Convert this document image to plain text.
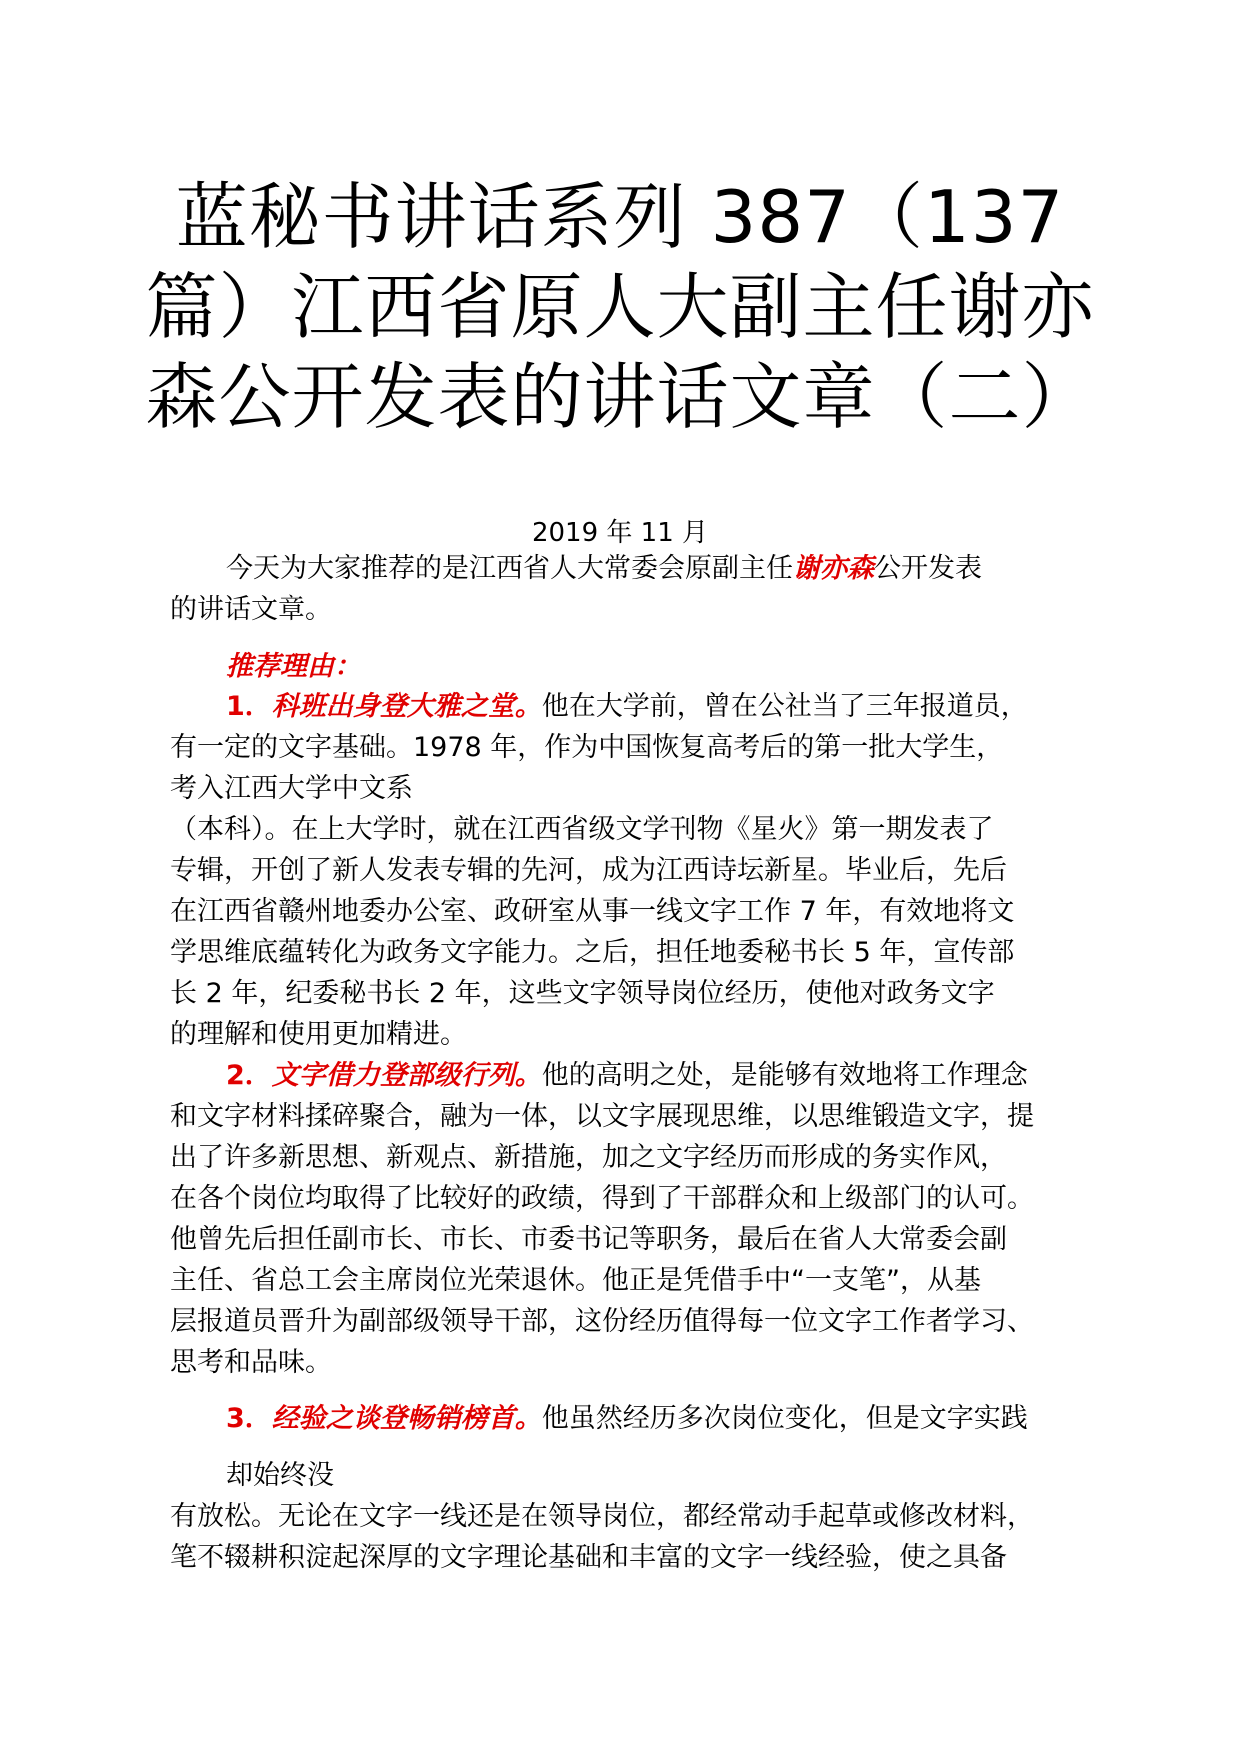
蓝秘书讲话系列 387（137
篇）江西省原人大副主任谢亦
森公开发表的讲话文章（二）
2019 年 11 月
今天为大家推荐的是江西省人大常委会原副主任谢亦森公开发表
的讲话文章。
推荐理由：
1．科班出身登大雅之堂。他在大学前，曾在公社当了三年报道员，
有一定的文字基础。1978 年，作为中国恢复高考后的第一批大学生，
考入江西大学中文系
（本科）。在上大学时，就在江西省级文学刊物《星火》第一期发表了
专辑，开创了新人发表专辑的先河，成为江西诗坛新星。毕业后，先后
在江西省赣州地委办公室、政研室从事一线文字工作 7 年，有效地将文
学思维底蕴转化为政务文字能力。之后，担任地委秘书长 5 年，宣传部
长 2 年，纪委秘书长 2 年，这些文字领导岗位经历，使他对政务文字
的理解和使用更加精进。
2．文字借力登部级行列。他的高明之处，是能够有效地将工作理念
和文字材料揉碎聚合，融为一体，以文字展现思维，以思维锻造文字，提
出了许多新思想、新观点、新措施，加之文字经历而形成的务实作风，
在各个岗位均取得了比较好的政绩，得到了干部群众和上级部门的认可。
他曾先后担任副市长、市长、市委书记等职务，最后在省人大常委会副
主任、省总工会主席岗位光荣退休。他正是凭借手中“一支笔”，从基
层报道员晋升为副部级领导干部，这份经历值得每一位文字工作者学习、
思考和品味。
3．经验之谈登畅销榜首。他虽然经历多次岗位变化，但是文字实践
却始终没
有放松。无论在文字一线还是在领导岗位，都经常动手起草或修改材料，
笔不辍耕积淀起深厚的文字理论基础和丰富的文字一线经验，使之具备
